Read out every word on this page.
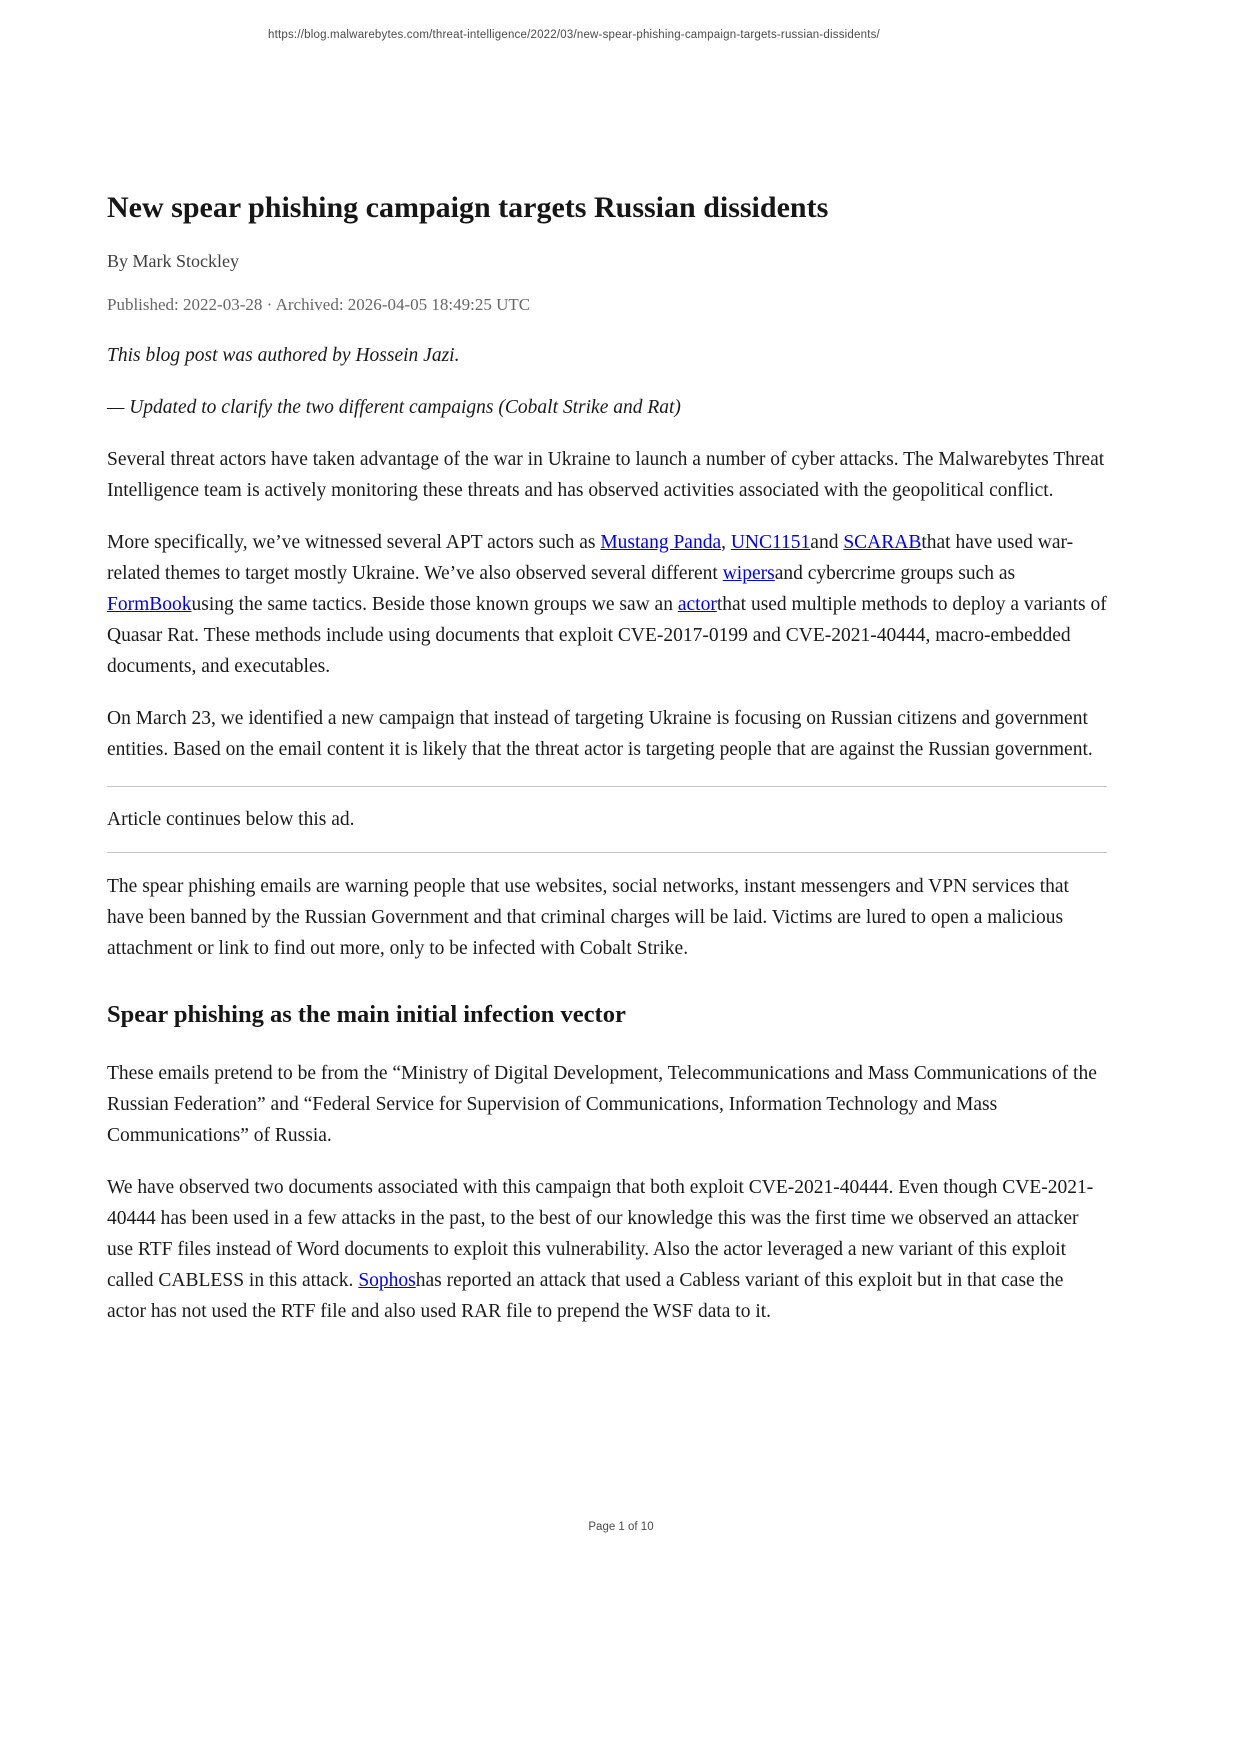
https://blog.malwarebytes.com/threat-intelligence/2022/03/new-spear-phishing-campaign-targets-russian-dissidents/
New spear phishing campaign targets Russian dissidents
By Mark Stockley
Published: 2022-03-28 · Archived: 2026-04-05 18:49:25 UTC

This blog post was authored by Hossein Jazi.

— Updated to clarify the two different campaigns (Cobalt Strike and Rat)

Several threat actors have taken advantage of the war in Ukraine to launch a number of cyber attacks. The Malwarebytes Threat Intelligence team is actively monitoring these threats and has observed activities associated with the geopolitical conflict.

More specifically, we’ve witnessed several APT actors such as Mustang Panda, UNC1151and SCARABthat have used war-related themes to target mostly Ukraine. We’ve also observed several different wipersand cybercrime groups such as FormBookusing the same tactics. Beside those known groups we saw an actorthat used multiple methods to deploy a variants of Quasar Rat. These methods include using documents that exploit CVE-2017-0199 and CVE-2021-40444, macro-embedded documents, and executables.

On March 23, we identified a new campaign that instead of targeting Ukraine is focusing on Russian citizens and government entities. Based on the email content it is likely that the threat actor is targeting people that are against the Russian government.

Article continues below this ad.

The spear phishing emails are warning people that use websites, social networks, instant messengers and VPN services that have been banned by the Russian Government and that criminal charges will be laid. Victims are lured to open a malicious attachment or link to find out more, only to be infected with Cobalt Strike.

Spear phishing as the main initial infection vector

These emails pretend to be from the “Ministry of Digital Development, Telecommunications and Mass Communications of the Russian Federation” and “Federal Service for Supervision of Communications, Information Technology and Mass Communications” of Russia.

We have observed two documents associated with this campaign that both exploit CVE-2021-40444. Even though CVE-2021-40444 has been used in a few attacks in the past, to the best of our knowledge this was the first time we observed an attacker use RTF files instead of Word documents to exploit this vulnerability. Also the actor leveraged a new variant of this exploit called CABLESS in this attack. Sophoshas reported an attack that used a Cabless variant of this exploit but in that case the actor has not used the RTF file and also used RAR file to prepend the WSF data to it.

Page 1 of 10
